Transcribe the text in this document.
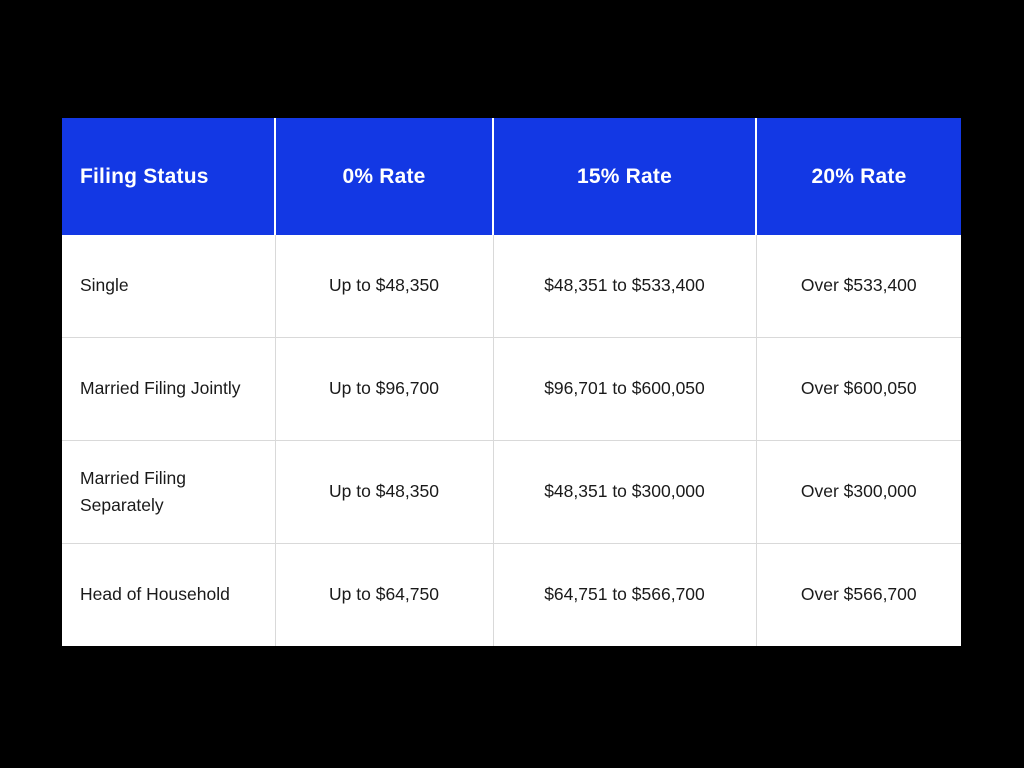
Filing Status	0% Rate	15% Rate	20% Rate
Single	Up to $48,350	$48,351 to $533,400	Over $533,400
Married Filing Jointly	Up to $96,700	$96,701 to $600,050	Over $600,050
Married Filing Separately	Up to $48,350	$48,351 to $300,000	Over $300,000
Head of Household	Up to $64,750	$64,751 to $566,700	Over $566,700
